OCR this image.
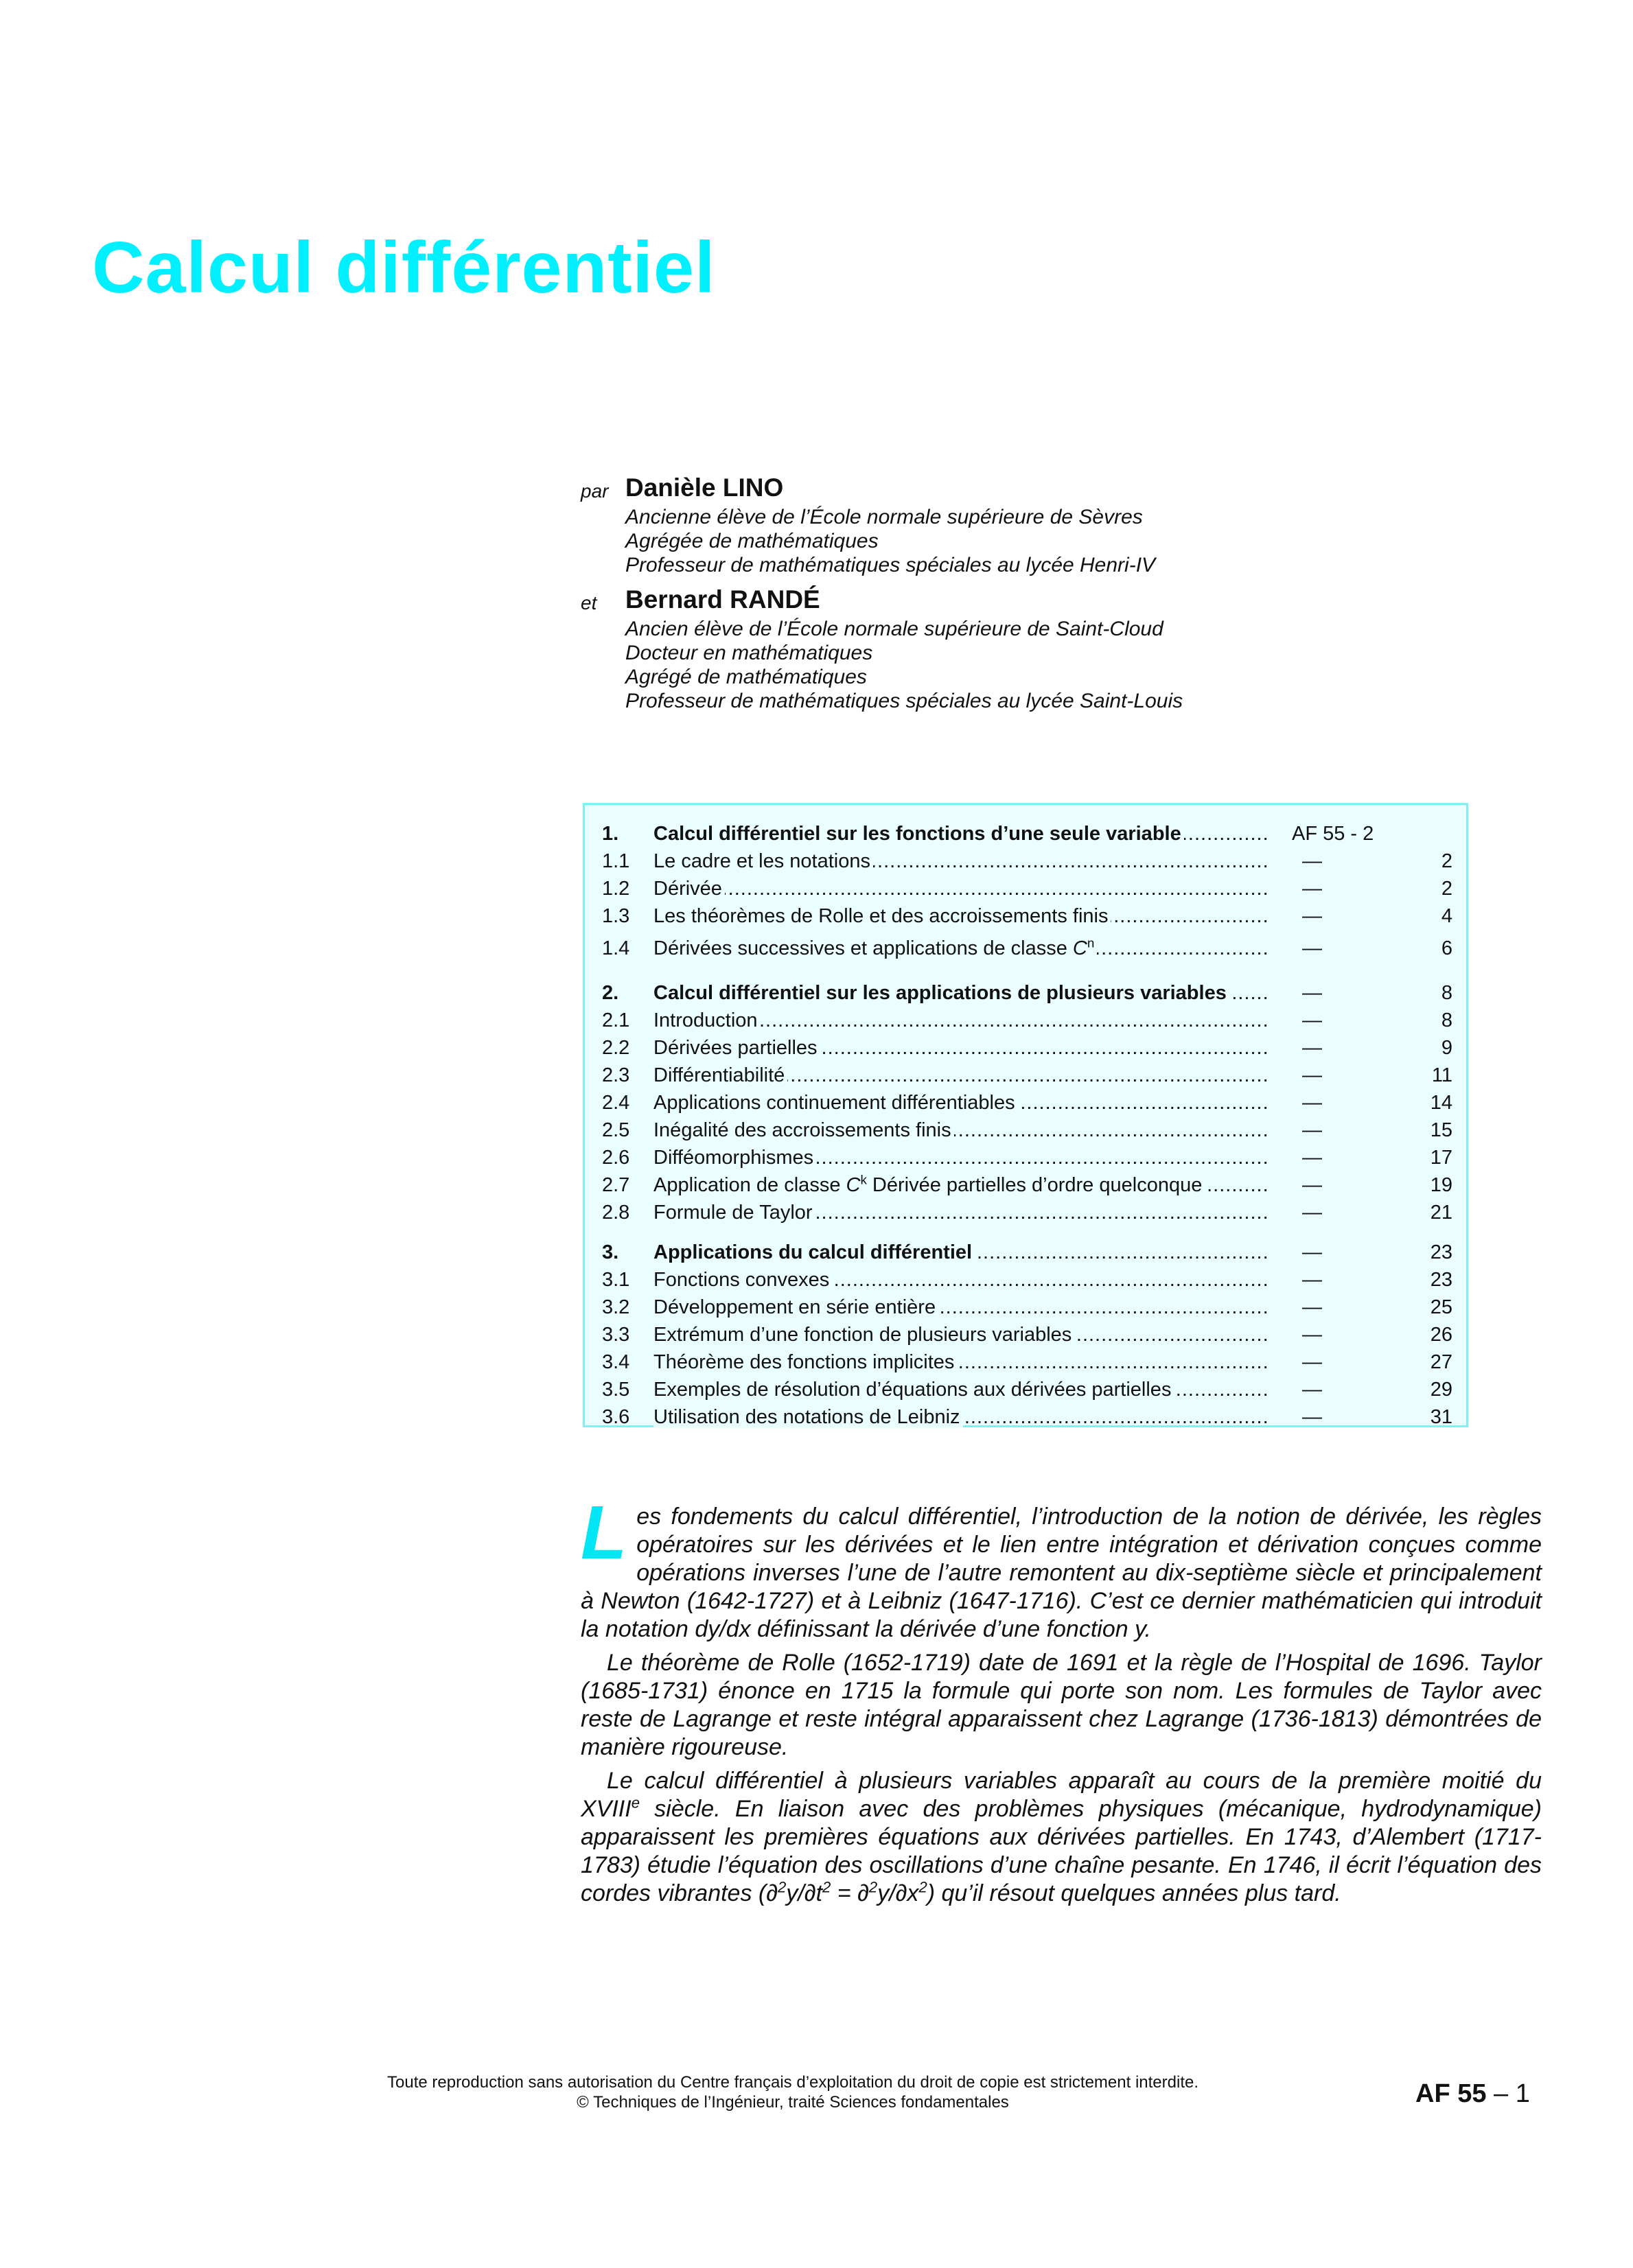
Calcul différentiel
par Danièle LINO
Ancienne élève de l’École normale supérieure de Sèvres
Agrégée de mathématiques
Professeur de mathématiques spéciales au lycée Henri-IV
et Bernard RANDÉ
Ancien élève de l’École normale supérieure de Saint-Cloud
Docteur en mathématiques
Agrégé de mathématiques
Professeur de mathématiques spéciales au lycée Saint-Louis
1. Calcul différentiel sur les fonctions d’une seule variable .....	AF 55 - 2
1.1 Le cadre et les notations .....	—	2
1.2 Dérivée .....	—	2
1.3 Les théorèmes de Rolle et des accroissements finis .....	—	4
1.4 Dérivées successives et applications de classe $C^n$ .....	—	6
2. Calcul différentiel sur les applications de plusieurs variables .....	—	8
2.1 Introduction .....	—	8
2.2 Dérivées partielles .....	—	9
2.3 Différentiabilité .....	—	11
2.4 Applications continuement différentiables .....	—	14
2.5 Inégalité des accroissements finis .....	—	15
2.6 Difféomorphismes .....	—	17
2.7 Application de classe $C^k$ Dérivée partielles d’ordre quelconque .....	—	19
2.8 Formule de Taylor .....	—	21
3. Applications du calcul différentiel .....	—	23
3.1 Fonctions convexes .....	—	23
3.2 Développement en série entière .....	—	25
3.3 Extrémum d’une fonction de plusieurs variables .....	—	26
3.4 Théorème des fonctions implicites .....	—	27
3.5 Exemples de résolution d’équations aux dérivées partielles .....	—	29
3.6 Utilisation des notations de Leibniz .....	—	31

Les fondements du calcul différentiel, l’introduction de la notion de dérivée, les règles opératoires sur les dérivées et le lien entre intégration et dérivation conçues comme opérations inverses l’une de l’autre remontent au dix-septième siècle et principalement à Newton (1642-1727) et à Leibniz (1647-1716). C’est ce dernier mathématicien qui introduit la notation dy/dx définissant la dérivée d’une fonction y.

Le théorème de Rolle (1652-1719) date de 1691 et la règle de l’Hospital de 1696. Taylor (1685-1731) énonce en 1715 la formule qui porte son nom. Les formules de Taylor avec reste de Lagrange et reste intégral apparaissent chez Lagrange (1736-1813) démontrées de manière rigoureuse.

Le calcul différentiel à plusieurs variables apparaît au cours de la première moitié du XVIIIe siècle. En liaison avec des problèmes physiques (mécanique, hydrodynamique) apparaissent les premières équations aux dérivées partielles. En 1743, d’Alembert (1717-1783) étudie l’équation des oscillations d’une chaîne pesante. En 1746, il écrit l’équation des cordes vibrantes $(\partial^2y/\partial t^2 = \partial^2y/\partial x^2)$ qu’il résout quelques années plus tard.

Toute reproduction sans autorisation du Centre français d’exploitation du droit de copie est strictement interdite.
© Techniques de l’Ingénieur, traité Sciences fondamentales	AF 55 – 1
